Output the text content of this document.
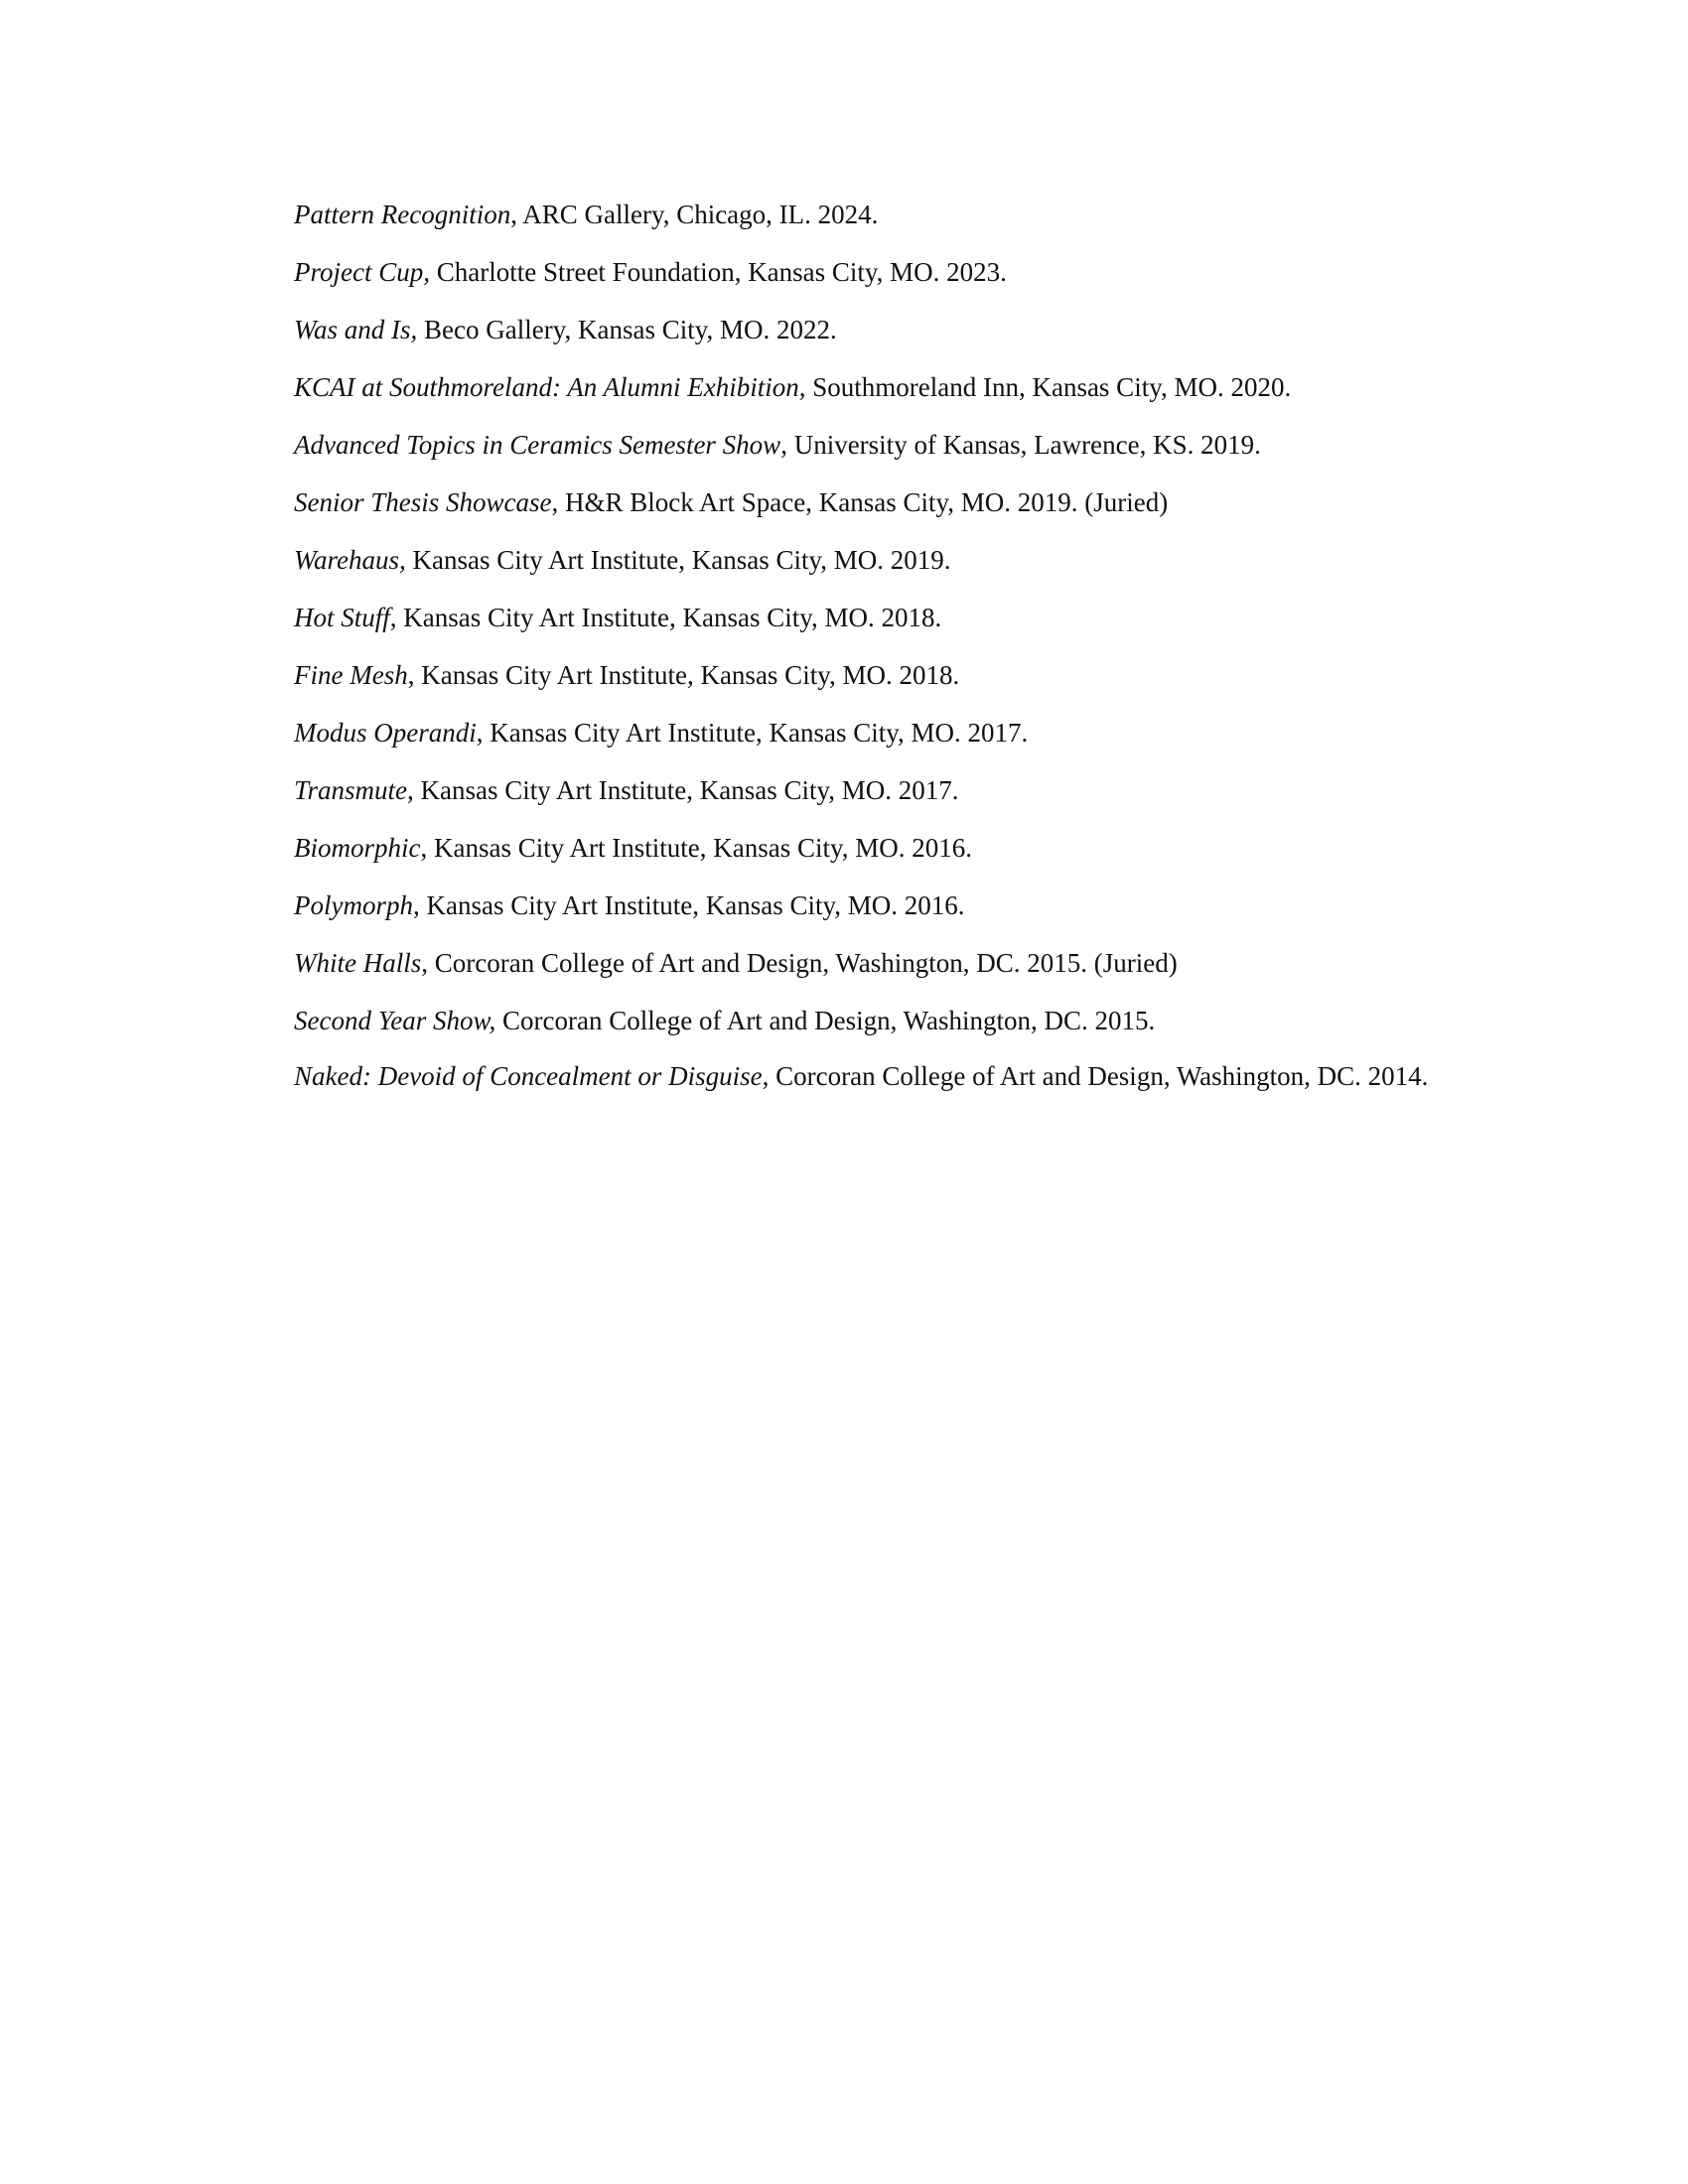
Pattern Recognition, ARC Gallery, Chicago, IL. 2024.
Project Cup, Charlotte Street Foundation, Kansas City, MO. 2023.
Was and Is, Beco Gallery, Kansas City, MO. 2022.
KCAI at Southmoreland: An Alumni Exhibition, Southmoreland Inn, Kansas City, MO. 2020.
Advanced Topics in Ceramics Semester Show, University of Kansas, Lawrence, KS. 2019.
Senior Thesis Showcase, H&R Block Art Space, Kansas City, MO. 2019. (Juried)
Warehaus, Kansas City Art Institute, Kansas City, MO. 2019.
Hot Stuff, Kansas City Art Institute, Kansas City, MO. 2018.
Fine Mesh, Kansas City Art Institute, Kansas City, MO. 2018.
Modus Operandi, Kansas City Art Institute, Kansas City, MO. 2017.
Transmute, Kansas City Art Institute, Kansas City, MO. 2017.
Biomorphic, Kansas City Art Institute, Kansas City, MO. 2016.
Polymorph, Kansas City Art Institute, Kansas City, MO. 2016.
White Halls, Corcoran College of Art and Design, Washington, DC. 2015. (Juried)
Second Year Show, Corcoran College of Art and Design, Washington, DC. 2015.
Naked: Devoid of Concealment or Disguise, Corcoran College of Art and Design, Washington, DC. 2014.
